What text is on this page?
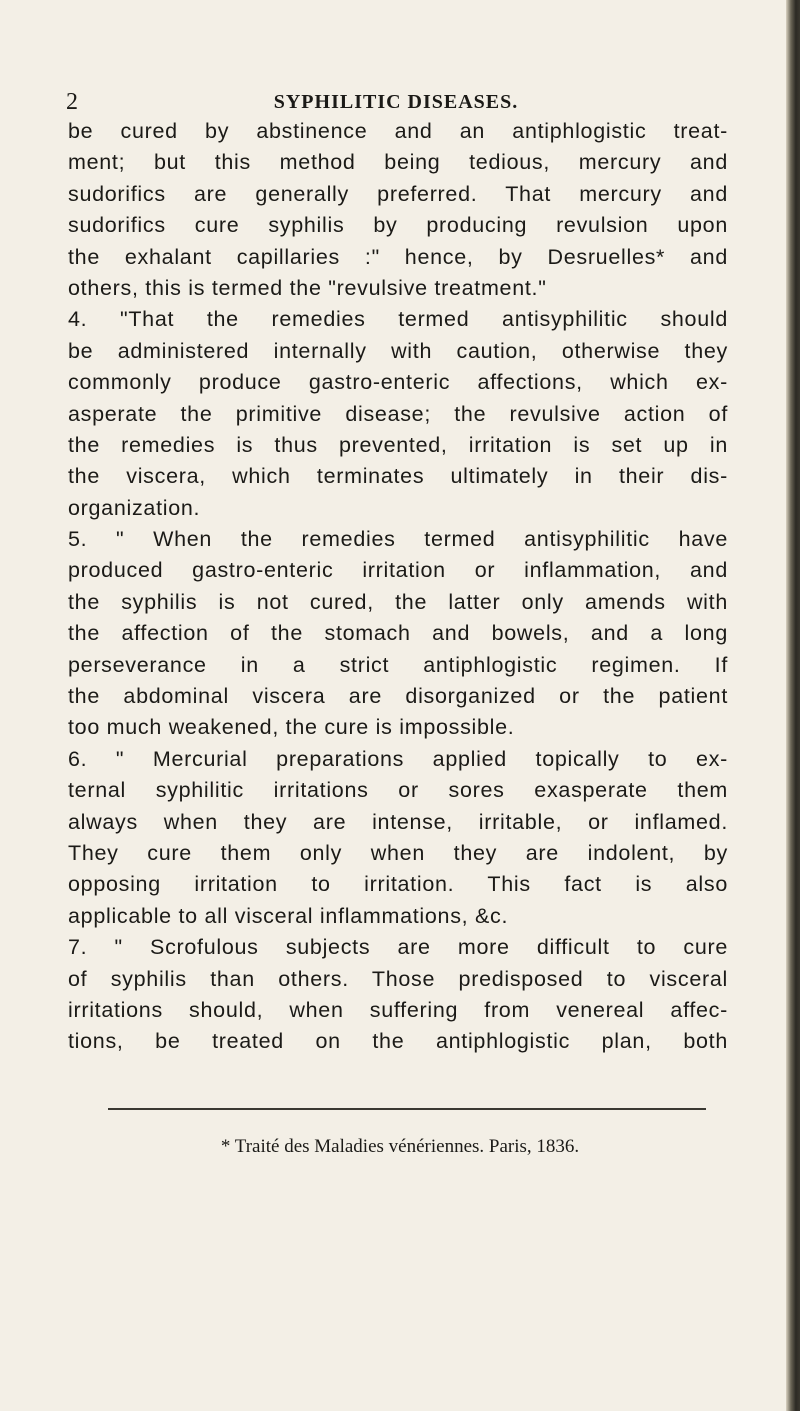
2	SYPHILITIC DISEASES.
be cured by abstinence and an antiphlogistic treat-
ment; but this method being tedious, mercury and
sudorifics are generally preferred. That mercury and
sudorifics cure syphilis by producing revulsion upon
the exhalant capillaries :" hence, by Desruelles* and
others, this is termed the "revulsive treatment."
4. "That the remedies termed antisyphilitic should
be administered internally with caution, otherwise they
commonly produce gastro-enteric affections, which ex-
asperate the primitive disease; the revulsive action of
the remedies is thus prevented, irritation is set up in
the viscera, which terminates ultimately in their dis-
organization.
5. " When the remedies termed antisyphilitic have
produced gastro-enteric irritation or inflammation, and
the syphilis is not cured, the latter only amends with
the affection of the stomach and bowels, and a long
perseverance in a strict antiphlogistic regimen. If
the abdominal viscera are disorganized or the patient
too much weakened, the cure is impossible.
6. " Mercurial preparations applied topically to ex-
ternal syphilitic irritations or sores exasperate them
always when they are intense, irritable, or inflamed.
They cure them only when they are indolent, by
opposing irritation to irritation. This fact is also
applicable to all visceral inflammations, &c.
7. " Scrofulous subjects are more difficult to cure
of syphilis than others. Those predisposed to visceral
irritations should, when suffering from venereal affec-
tions, be treated on the antiphlogistic plan, both
* Traité des Maladies vénériennes. Paris, 1836.
